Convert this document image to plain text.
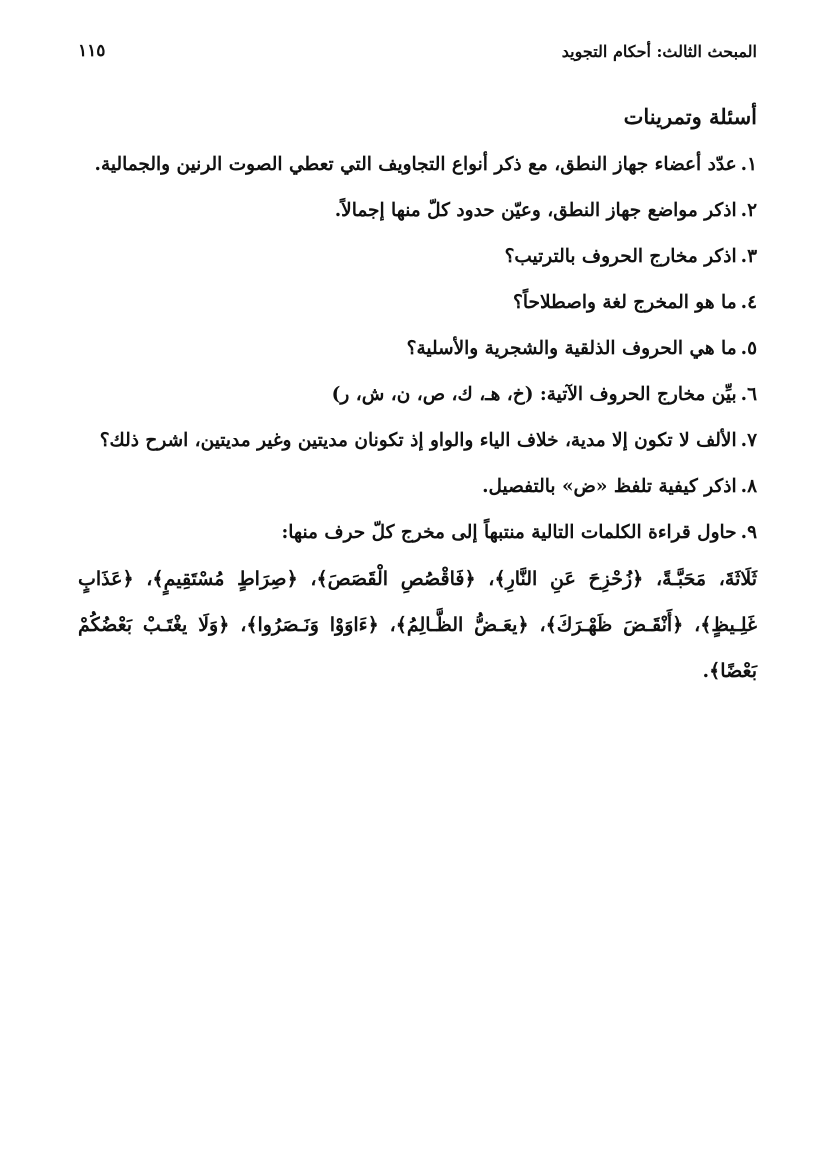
المبحث الثالث: أحكام التجويد
١١٥
أسئلة وتمرينات
١.عدّد أعضاء جهاز النطق، مع ذكر أنواع التجاويف التي تعطي الصوت الرنين والجمالية.
٢.اذكر مواضع جهاز النطق، وعيّن حدود كلّ منها إجمالاً.
٣.اذكر مخارج الحروف بالترتيب؟
٤.ما هو المخرج لغة واصطلاحاً؟
٥.ما هي الحروف الذلقية والشجرية والأسلية؟
٦.بيِّن مخارج الحروف الآتية: (خ، هـ، ك، ص، ن، ش، ر)
٧.الألف لا تكون إلا مدية، خلاف الياء والواو إذ تكونان مديتين وغير مديتين، اشرح ذلك؟
٨.اذكر كيفية تلفظ «ض» بالتفصيل.
٩.حاول قراءة الكلمات التالية منتبهاً إلى مخرج كلّ حرف منها:
ثَلَاثَةَ، مَحَبَّـةً، ﴿زُحْزِحَ عَنِ النَّارِ﴾، ﴿فَاقْصُصِ الْقَصَصَ﴾، ﴿صِرَاطٍ مُسْتَقِيمٍ﴾، ﴿عَذَابٍ غَلِـيظٍ﴾، ﴿أَنْقَـضَ ظَهْـرَكَ﴾، ﴿يعَـضُّ الظَّـالِمُ﴾، ﴿ءَاوَوْا وَنَـصَرُوا﴾، ﴿وَلَا يغْتَـبْ بَعْضُكُمْ بَعْضًا﴾.
